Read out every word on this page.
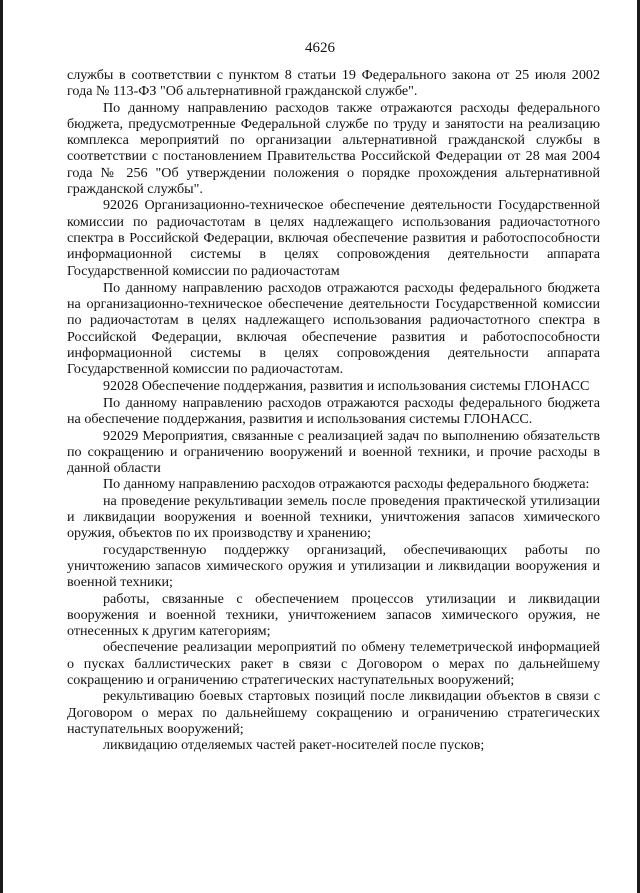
4626

службы в соответствии с пунктом 8 статьи 19 Федерального закона от 25 июля 2002 года № 113-ФЗ "Об альтернативной гражданской службе".

По данному направлению расходов также отражаются расходы федерального бюджета, предусмотренные Федеральной службе по труду и занятости на реализацию комплекса мероприятий по организации альтернативной гражданской службы в соответствии с постановлением Правительства Российской Федерации от 28 мая 2004 года № 256 "Об утверждении положения о порядке прохождения альтернативной гражданской службы".

92026 Организационно-техническое обеспечение деятельности Государственной комиссии по радиочастотам в целях надлежащего использования радиочастотного спектра в Российской Федерации, включая обеспечение развития и работоспособности информационной системы в целях сопровождения деятельности аппарата Государственной комиссии по радиочастотам

По данному направлению расходов отражаются расходы федерального бюджета на организационно-техническое обеспечение деятельности Государственной комиссии по радиочастотам в целях надлежащего использования радиочастотного спектра в Российской Федерации, включая обеспечение развития и работоспособности информационной системы в целях сопровождения деятельности аппарата Государственной комиссии по радиочастотам.

92028 Обеспечение поддержания, развития и использования системы ГЛОНАСС

По данному направлению расходов отражаются расходы федерального бюджета на обеспечение поддержания, развития и использования системы ГЛОНАСС.

92029 Мероприятия, связанные с реализацией задач по выполнению обязательств по сокращению и ограничению вооружений и военной техники, и прочие расходы в данной области

По данному направлению расходов отражаются расходы федерального бюджета:

на проведение рекультивации земель после проведения практической утилизации и ликвидации вооружения и военной техники, уничтожения запасов химического оружия, объектов по их производству и хранению;

государственную поддержку организаций, обеспечивающих работы по уничтожению запасов химического оружия и утилизации и ликвидации вооружения и военной техники;

работы, связанные с обеспечением процессов утилизации и ликвидации вооружения и военной техники, уничтожением запасов химического оружия, не отнесенных к другим категориям;

обеспечение реализации мероприятий по обмену телеметрической информацией о пусках баллистических ракет в связи с Договором о мерах по дальнейшему сокращению и ограничению стратегических наступательных вооружений;

рекультивацию боевых стартовых позиций после ликвидации объектов в связи с Договором о мерах по дальнейшему сокращению и ограничению стратегических наступательных вооружений;

ликвидацию отделяемых частей ракет-носителей после пусков;
